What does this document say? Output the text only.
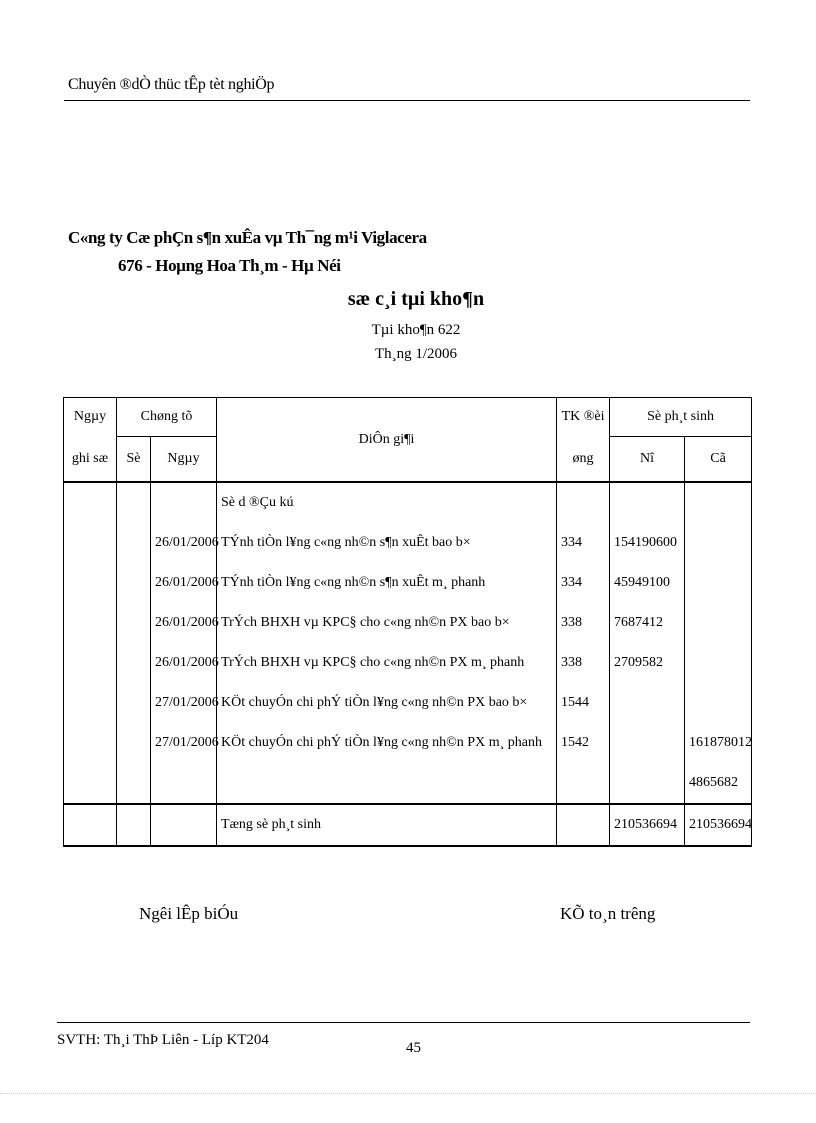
Chuyên ®dÒ thüc tÊp tèt nghiÖp
C«ng ty Cæ phÇn s¶n xuÊa vµ Th¯ng m¹i Viglacera
676 - Hoµng Hoa Th¸m - Hµ Néi
sæ c¸i tµi kho¶n
Tµi kho¶n 622
Th¸ng 1/2006
Ngµy	Chøng tõ		DiÔn gi¶i	TK ®èi	Sè ph¸t sinh	
ghi sæ	Sè	Ngµy		øng	Nî	Cã
			Sè d ®Çu kú			
		26/01/2006	TÝnh tiÒn l¥ng c«ng nh©n s¶n xuÊt bao b×	334	154190600	
		26/01/2006	TÝnh tiÒn l¥ng c«ng nh©n s¶n xuÊt m¸ phanh	334	45949100	
		26/01/2006	TrÝch BHXH vµ KPC§ cho c«ng nh©n PX bao b×	338	7687412	
		26/01/2006	TrÝch BHXH vµ KPC§ cho c«ng nh©n PX m¸ phanh	338	2709582	
		27/01/2006	KÖt chuyÓn chi phÝ tiÒn l¥ng c«ng nh©n PX bao b×	1544		
		27/01/2006	KÖt chuyÓn chi phÝ tiÒn l¥ng c«ng nh©n PX m¸ phanh	1542		161878012
						4865682
			Tæng sè ph¸t sinh		210536694	210536694
Ngêi lÊp biÓu	KÕ to¸n trêng
SVTH: Th¸i ThÞ Liên - Líp KT204	45
